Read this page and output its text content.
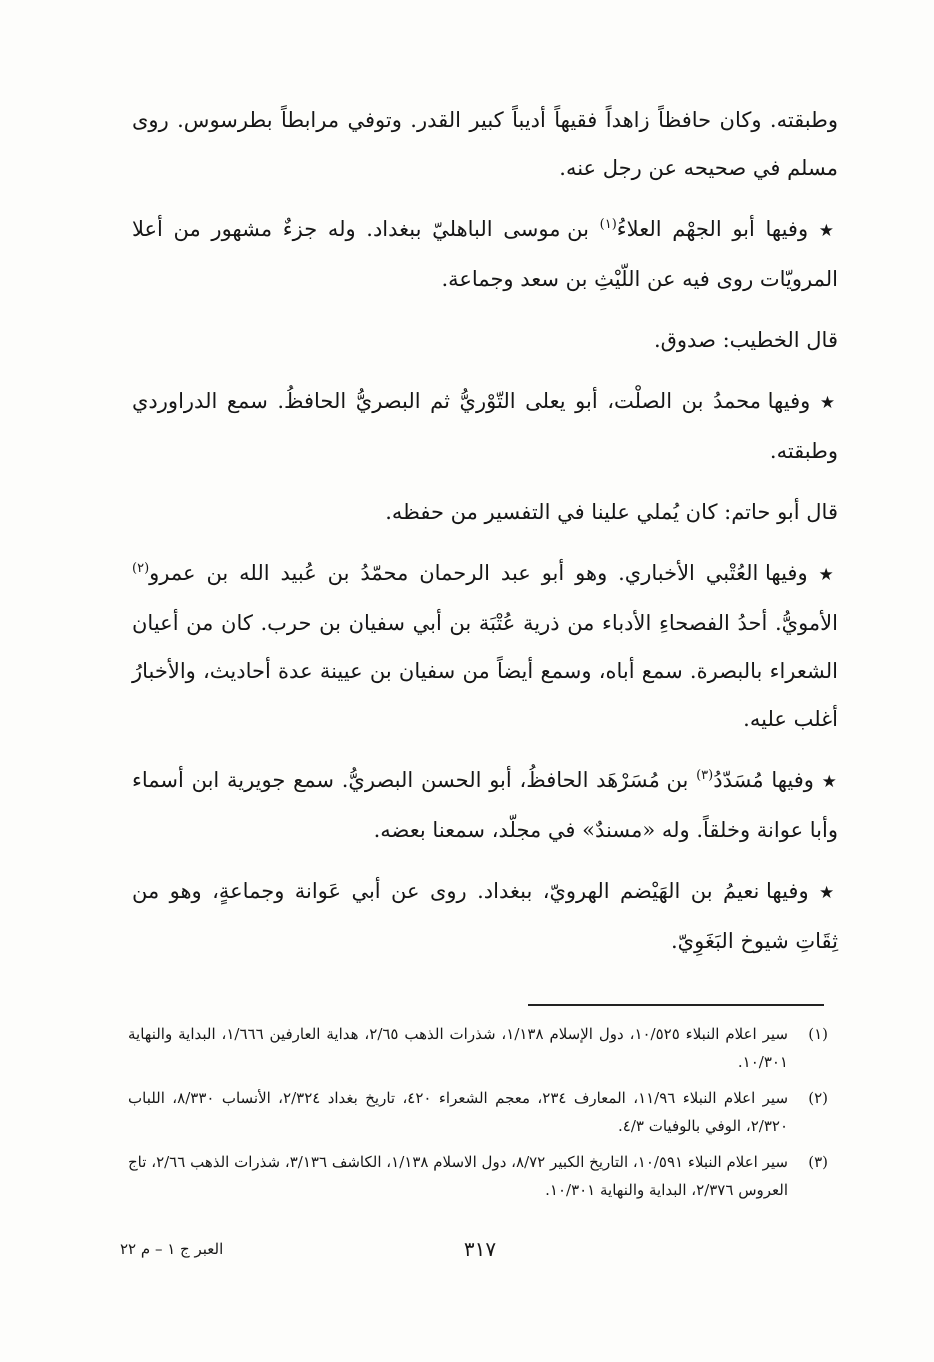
وطبقته. وكان حافظاً زاهداً فقيهاً أديباً كبير القدر. وتوفي مرابطاً بطرسوس. روى مسلم في صحيحه عن رجل عنه.

★ وفيها أبو الجهْم العلاءُ$^{(١)}$ بن موسى الباهليّ ببغداد. وله جزءٌ مشهور من أعلا المرويّات روى فيه عن اللّيْثِ بن سعد وجماعة.

قال الخطيب: صدوق.

★ وفيها محمدُ بن الصلْت، أبو يعلى التّوْريُّ ثم البصريُّ الحافظُ. سمع الدراوردي وطبقته.

قال أبو حاتم: كان يُملي علينا في التفسير من حفظه.

★ وفيها العُتْبي الأخباري. وهو أبو عبد الرحمان محمّدُ بن عُبيد الله بن عمرو$^{(٢)}$ الأمويُّ. أحدُ الفصحاءِ الأدباء من ذرية عُتْبَة بن أبي سفيان بن حرب. كان من أعيان الشعراء بالبصرة. سمع أباه، وسمع أيضاً من سفيان بن عيينة عدة أحاديث، والأخبارُ أغلب عليه.

★ وفيها مُسَدّدُ$^{(٣)}$ بن مُسَرْهَد الحافظُ، أبو الحسن البصريُّ. سمع جويرية ابن أسماء وأبا عوانة وخلقاً. وله «مسندٌ» في مجلّد، سمعنا بعضه.

★ وفيها نعيمُ بن الهَيْضم الهرويّ، ببغداد. روى عن أبي عَوانة وجماعةٍ، وهو من ثِقَاتِ شيوخ البَغَوِيّ.

(١)
سير اعلام النبلاء ١٠/٥٢٥، دول الإسلام ١/١٣٨، شذرات الذهب ٢/٦٥، هداية العارفين ١/٦٦٦، البداية والنهاية ١٠/٣٠١.
(٢)
سير اعلام النبلاء ١١/٩٦، المعارف ٢٣٤، معجم الشعراء ٤٢٠، تاريخ بغداد ٢/٣٢٤، الأنساب ٨/٣٣٠، اللباب ٢/٣٢٠، الوفي بالوفيات ٤/٣.
(٣)
سير اعلام النبلاء ١٠/٥٩١، التاريخ الكبير ٨/٧٢، دول الاسلام ١/١٣٨، الكاشف ٣/١٣٦، شذرات الذهب ٢/٦٦، تاج العروس ٢/٣٧٦، البداية والنهاية ١٠/٣٠١.
٣١٧
العبر ج ١ – م ٢٢
